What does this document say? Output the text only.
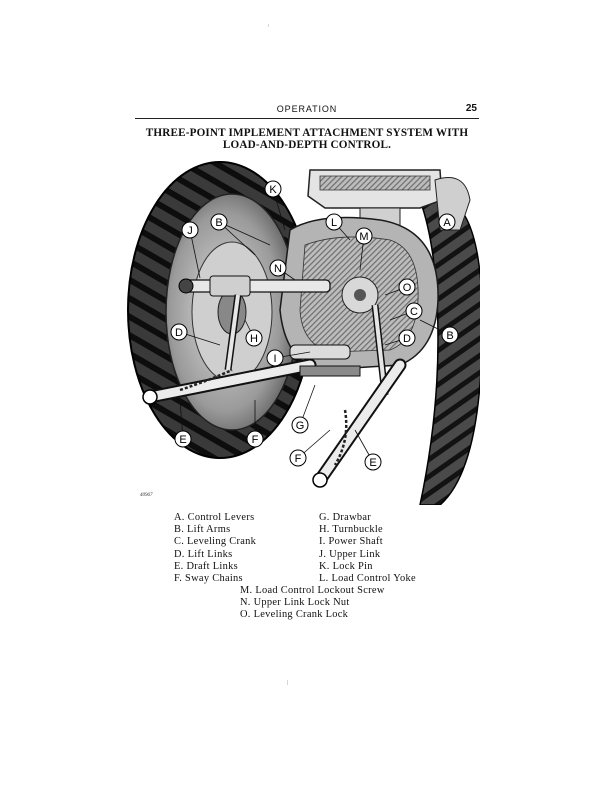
OPERATION	25
THREE-POINT IMPLEMENT ATTACHMENT SYSTEM WITH
LOAD-AND-DEPTH CONTROL.
A
B
B
C
D	D
E
E
F
F
G
H
I
J
K
L
M
N
O
40967
A. Control Levers
B. Lift Arms
C. Leveling Crank
D. Lift Links
E. Draft Links
F. Sway Chains
G. Drawbar
H. Turnbuckle
I. Power Shaft
J. Upper Link
K. Lock Pin
L. Load Control Yoke
M. Load Control Lockout Screw
N. Upper Link Lock Nut
O. Leveling Crank Lock
